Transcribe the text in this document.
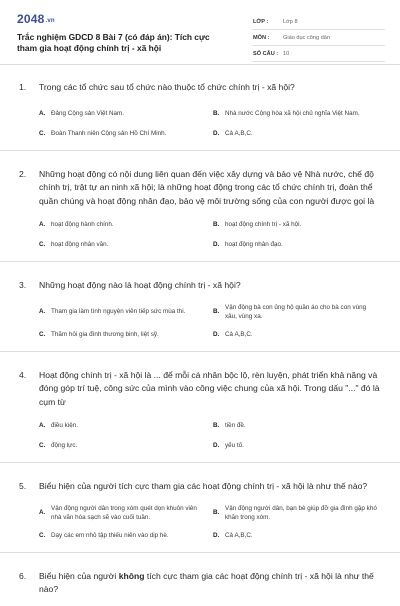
2048.vn
Trắc nghiệm GDCD 8 Bài 7 (có đáp án): Tích cực tham gia hoạt động chính trị - xã hội
LỚP :	Lớp 8
MÔN :	Giáo dục công dân
SỐ CÂU : 10
1.	Trong các tổ chức sau tổ chức nào thuộc tổ chức chính trị - xã hội?
A. Đảng Cộng sản Việt Nam.	B. Nhà nước Cộng hòa xã hội chủ nghĩa Việt Nam.
C. Đoàn Thanh niên Cộng sản Hồ Chí Minh.	D. Cả A,B,C.
2.	Những hoạt động có nội dung liên quan đến việc xây dựng và bảo vệ Nhà nước, chế độ chính trị, trật tự an ninh xã hội; là những hoạt động trong các tổ chức chính trị, đoàn thể quần chúng và hoạt động nhân đạo, bảo vệ môi trường sống của con người được gọi là
A. hoạt động hành chính.	B. hoạt động chính trị - xã hội.
C. hoạt động nhân văn.	D. hoạt động nhân đạo.
3.	Những hoạt động nào là hoạt động chính trị - xã hội?
A. Tham gia làm tình nguyện viên tiếp sức mùa thi.	B.
Vận động bà con ủng hộ quần áo cho bà con vùng xâu, vùng xa.
C. Thăm hỏi gia đình thương binh, liệt sỹ.	D. Cả A,B,C.
4.	Hoạt động chính trị - xã hội là ... để mỗi cá nhân bộc lộ, rèn luyện, phát triển khả năng và đóng góp trí tuệ, công sức của mình vào công việc chung của xã hội. Trong dấu "..." đó là cụm từ
A. điều kiện.	B. tiền đề.
C. động lực.	D. yếu tố.
5.	Biểu hiện của người tích cực tham gia các hoạt động chính trị - xã hội là như thế nào?
A.
Vận động người dân trong xóm quét dọn khuôn viên nhà văn hóa sạch sẽ vào cuối tuần.
B.
Vận động người dân, bạn bè giúp đỡ gia đình gặp khó khăn trong xóm.
C. Dạy các em nhỏ tập thiếu niên vào dịp hè.	D. Cả A,B,C.
6.	Biểu hiện của người không tích cực tham gia các hoạt động chính trị - xã hội là như thế nào?
